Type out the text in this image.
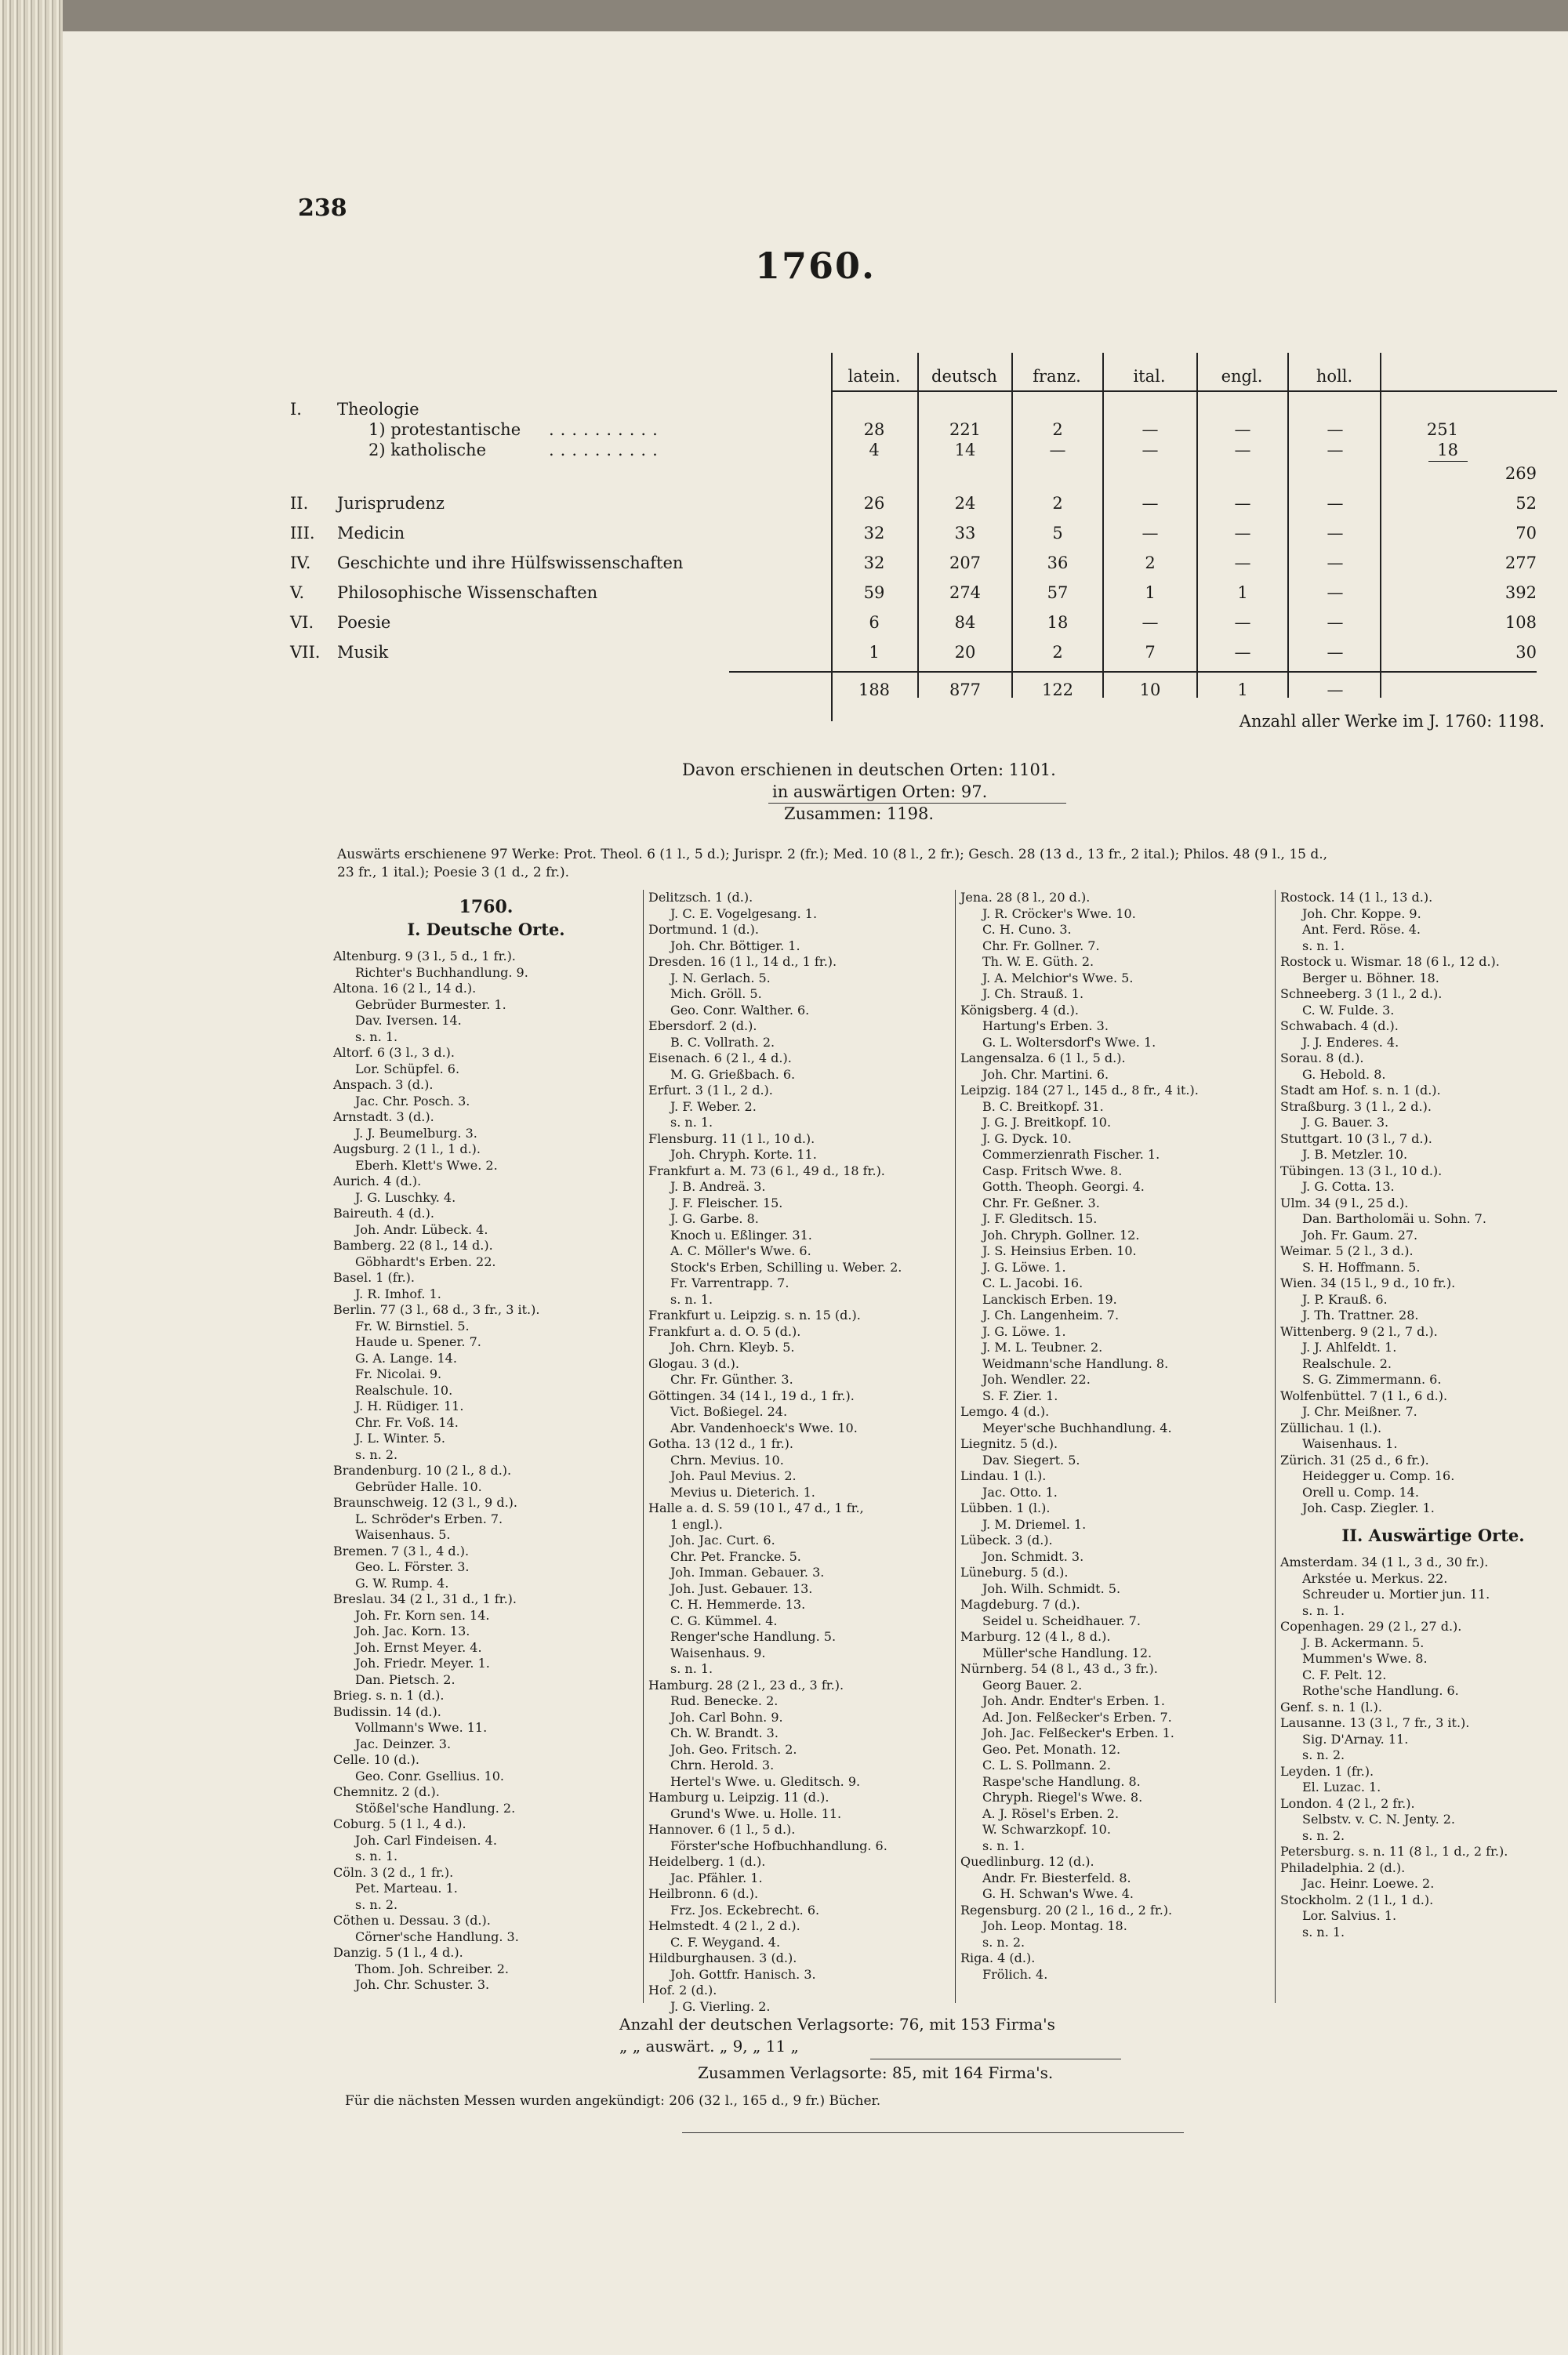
238
1760.
latein.	deutsch	franz.	ital.	engl.	holl.
I.	Theologie
1) protestantische ..........	28	221	2	—	—	—	251
2) katholische	..........	4	14	—	—	—	—	18
269
II.	Jurisprudenz	26	24	2	—	—	—	52
III.	Medicin	32	33	5	—	—	—	70
IV.	Geschichte und ihre Hülfswissenschaften	32	207	36	2	—	—	277
V.	Philosophische Wissenschaften	59	274	57	1	1	—	392
VI.	Poesie	6	84	18	—	—	—	108
VII.	Musik	1	20	2	7	—	—	30
188	877	122	10	1	—
Anzahl aller Werke im J. 1760: 1198.
Davon erschienen in deutschen Orten: 1101.
in auswärtigen Orten: 97.
Zusammen: 1198.
Auswärts erschienene 97 Werke: Prot. Theol. 6 (1 l., 5 d.); Jurispr. 2 (fr.); Med. 10 (8 l., 2 fr.); Gesch. 28 (13 d., 13 fr., 2 ital.); Philos. 48 (9 l., 15 d.,
23 fr., 1 ital.); Poesie 3 (1 d., 2 fr.).
1760.
I. Deutsche Orte.
Altenburg. 9 (3 l., 5 d., 1 fr.).
Richter's Buchhandlung. 9.
Altona. 16 (2 l., 14 d.).
Gebrüder Burmester. 1.
Dav. Iversen. 14.
s. n. 1.
Altorf. 6 (3 l., 3 d.).
Lor. Schüpfel. 6.
Anspach. 3 (d.).
Jac. Chr. Posch. 3.
Arnstadt. 3 (d.).
J. J. Beumelburg. 3.
Augsburg. 2 (1 l., 1 d.).
Eberh. Klett's Wwe. 2.
Aurich. 4 (d.).
J. G. Luschky. 4.
Baireuth. 4 (d.).
Joh. Andr. Lübeck. 4.
Bamberg. 22 (8 l., 14 d.).
Göbhardt's Erben. 22.
Basel. 1 (fr.).
J. R. Imhof. 1.
Berlin. 77 (3 l., 68 d., 3 fr., 3 it.).
Fr. W. Birnstiel. 5.
Haude u. Spener. 7.
G. A. Lange. 14.
Fr. Nicolai. 9.
Realschule. 10.
J. H. Rüdiger. 11.
Chr. Fr. Voß. 14.
J. L. Winter. 5.
s. n. 2.
Brandenburg. 10 (2 l., 8 d.).
Gebrüder Halle. 10.
Braunschweig. 12 (3 l., 9 d.).
L. Schröder's Erben. 7.
Waisenhaus. 5.
Bremen. 7 (3 l., 4 d.).
Geo. L. Förster. 3.
G. W. Rump. 4.
Breslau. 34 (2 l., 31 d., 1 fr.).
Joh. Fr. Korn sen. 14.
Joh. Jac. Korn. 13.
Joh. Ernst Meyer. 4.
Joh. Friedr. Meyer. 1.
Dan. Pietsch. 2.
Brieg. s. n. 1 (d.).
Budissin. 14 (d.).
Vollmann's Wwe. 11.
Jac. Deinzer. 3.
Celle. 10 (d.).
Geo. Conr. Gsellius. 10.
Chemnitz. 2 (d.).
Stößel'sche Handlung. 2.
Coburg. 5 (1 l., 4 d.).
Joh. Carl Findeisen. 4.
s. n. 1.
Cöln. 3 (2 d., 1 fr.).
Pet. Marteau. 1.
s. n. 2.
Cöthen u. Dessau. 3 (d.).
Cörner'sche Handlung. 3.
Danzig. 5 (1 l., 4 d.).
Thom. Joh. Schreiber. 2.
Joh. Chr. Schuster. 3.
Delitzsch. 1 (d.).
J. C. E. Vogelgesang. 1.
Dortmund. 1 (d.).
Joh. Chr. Böttiger. 1.
Dresden. 16 (1 l., 14 d., 1 fr.).
J. N. Gerlach. 5.
Mich. Gröll. 5.
Geo. Conr. Walther. 6.
Ebersdorf. 2 (d.).
B. C. Vollrath. 2.
Eisenach. 6 (2 l., 4 d.).
M. G. Grießbach. 6.
Erfurt. 3 (1 l., 2 d.).
J. F. Weber. 2.
s. n. 1.
Flensburg. 11 (1 l., 10 d.).
Joh. Chryph. Korte. 11.
Frankfurt a. M. 73 (6 l., 49 d., 18 fr.).
J. B. Andreä. 3.
J. F. Fleischer. 15.
J. G. Garbe. 8.
Knoch u. Eßlinger. 31.
A. C. Möller's Wwe. 6.
Stock's Erben, Schilling u. Weber. 2.
Fr. Varrentrapp. 7.
s. n. 1.
Frankfurt u. Leipzig. s. n. 15 (d.).
Frankfurt a. d. O. 5 (d.).
Joh. Chrn. Kleyb. 5.
Glogau. 3 (d.).
Chr. Fr. Günther. 3.
Göttingen. 34 (14 l., 19 d., 1 fr.).
Vict. Boßiegel. 24.
Abr. Vandenhoeck's Wwe. 10.
Gotha. 13 (12 d., 1 fr.).
Chrn. Mevius. 10.
Joh. Paul Mevius. 2.
Mevius u. Dieterich. 1.
Halle a. d. S. 59 (10 l., 47 d., 1 fr.,
1 engl.).
Joh. Jac. Curt. 6.
Chr. Pet. Francke. 5.
Joh. Imman. Gebauer. 3.
Joh. Just. Gebauer. 13.
C. H. Hemmerde. 13.
C. G. Kümmel. 4.
Renger'sche Handlung. 5.
Waisenhaus. 9.
s. n. 1.
Hamburg. 28 (2 l., 23 d., 3 fr.).
Rud. Benecke. 2.
Joh. Carl Bohn. 9.
Ch. W. Brandt. 3.
Joh. Geo. Fritsch. 2.
Chrn. Herold. 3.
Hertel's Wwe. u. Gleditsch. 9.
Hamburg u. Leipzig. 11 (d.).
Grund's Wwe. u. Holle. 11.
Hannover. 6 (1 l., 5 d.).
Förster'sche Hofbuchhandlung. 6.
Heidelberg. 1 (d.).
Jac. Pfähler. 1.
Heilbronn. 6 (d.).
Frz. Jos. Eckebrecht. 6.
Helmstedt. 4 (2 l., 2 d.).
C. F. Weygand. 4.
Hildburghausen. 3 (d.).
Joh. Gottfr. Hanisch. 3.
Hof. 2 (d.).
J. G. Vierling. 2.
Jena. 28 (8 l., 20 d.).
J. R. Cröcker's Wwe. 10.
C. H. Cuno. 3.
Chr. Fr. Gollner. 7.
Th. W. E. Güth. 2.
J. A. Melchior's Wwe. 5.
J. Ch. Strauß. 1.
Königsberg. 4 (d.).
Hartung's Erben. 3.
G. L. Woltersdorf's Wwe. 1.
Langensalza. 6 (1 l., 5 d.).
Joh. Chr. Martini. 6.
Leipzig. 184 (27 l., 145 d., 8 fr., 4 it.).
B. C. Breitkopf. 31.
J. G. J. Breitkopf. 10.
J. G. Dyck. 10.
Commerzienrath Fischer. 1.
Casp. Fritsch Wwe. 8.
Gotth. Theoph. Georgi. 4.
Chr. Fr. Geßner. 3.
J. F. Gleditsch. 15.
Joh. Chryph. Gollner. 12.
J. S. Heinsius Erben. 10.
J. G. Löwe. 1.
C. L. Jacobi. 16.
Lanckisch Erben. 19.
J. Ch. Langenheim. 7.
J. G. Löwe. 1.
J. M. L. Teubner. 2.
Weidmann'sche Handlung. 8.
Joh. Wendler. 22.
S. F. Zier. 1.
Lemgo. 4 (d.).
Meyer'sche Buchhandlung. 4.
Liegnitz. 5 (d.).
Dav. Siegert. 5.
Lindau. 1 (l.).
Jac. Otto. 1.
Lübben. 1 (l.).
J. M. Driemel. 1.
Lübeck. 3 (d.).
Jon. Schmidt. 3.
Lüneburg. 5 (d.).
Joh. Wilh. Schmidt. 5.
Magdeburg. 7 (d.).
Seidel u. Scheidhauer. 7.
Marburg. 12 (4 l., 8 d.).
Müller'sche Handlung. 12.
Nürnberg. 54 (8 l., 43 d., 3 fr.).
Georg Bauer. 2.
Joh. Andr. Endter's Erben. 1.
Ad. Jon. Felßecker's Erben. 7.
Joh. Jac. Felßecker's Erben. 1.
Geo. Pet. Monath. 12.
C. L. S. Pollmann. 2.
Raspe'sche Handlung. 8.
Chryph. Riegel's Wwe. 8.
A. J. Rösel's Erben. 2.
W. Schwarzkopf. 10.
s. n. 1.
Quedlinburg. 12 (d.).
Andr. Fr. Biesterfeld. 8.
G. H. Schwan's Wwe. 4.
Regensburg. 20 (2 l., 16 d., 2 fr.).
Joh. Leop. Montag. 18.
s. n. 2.
Riga. 4 (d.).
Frölich. 4.
Rostock. 14 (1 l., 13 d.).
Joh. Chr. Koppe. 9.
Ant. Ferd. Röse. 4.
s. n. 1.
Rostock u. Wismar. 18 (6 l., 12 d.).
Berger u. Böhner. 18.
Schneeberg. 3 (1 l., 2 d.).
C. W. Fulde. 3.
Schwabach. 4 (d.).
J. J. Enderes. 4.
Sorau. 8 (d.).
G. Hebold. 8.
Stadt am Hof. s. n. 1 (d.).
Straßburg. 3 (1 l., 2 d.).
J. G. Bauer. 3.
Stuttgart. 10 (3 l., 7 d.).
J. B. Metzler. 10.
Tübingen. 13 (3 l., 10 d.).
J. G. Cotta. 13.
Ulm. 34 (9 l., 25 d.).
Dan. Bartholomäi u. Sohn. 7.
Joh. Fr. Gaum. 27.
Weimar. 5 (2 l., 3 d.).
S. H. Hoffmann. 5.
Wien. 34 (15 l., 9 d., 10 fr.).
J. P. Krauß. 6.
J. Th. Trattner. 28.
Wittenberg. 9 (2 l., 7 d.).
J. J. Ahlfeldt. 1.
Realschule. 2.
S. G. Zimmermann. 6.
Wolfenbüttel. 7 (1 l., 6 d.).
J. Chr. Meißner. 7.
Züllichau. 1 (l.).
Waisenhaus. 1.
Zürich. 31 (25 d., 6 fr.).
Heidegger u. Comp. 16.
Orell u. Comp. 14.
Joh. Casp. Ziegler. 1.
II. Auswärtige Orte.
Amsterdam. 34 (1 l., 3 d., 30 fr.).
Arkstée u. Merkus. 22.
Schreuder u. Mortier jun. 11.
s. n. 1.
Copenhagen. 29 (2 l., 27 d.).
J. B. Ackermann. 5.
Mummen's Wwe. 8.
C. F. Pelt. 12.
Rothe'sche Handlung. 6.
Genf. s. n. 1 (l.).
Lausanne. 13 (3 l., 7 fr., 3 it.).
Sig. D'Arnay. 11.
s. n. 2.
Leyden. 1 (fr.).
El. Luzac. 1.
London. 4 (2 l., 2 fr.).
Selbstv. v. C. N. Jenty. 2.
s. n. 2.
Petersburg. s. n. 11 (8 l., 1 d., 2 fr.).
Philadelphia. 2 (d.).
Jac. Heinr. Loewe. 2.
Stockholm. 2 (1 l., 1 d.).
Lor. Salvius. 1.
s. n. 1.
Anzahl der deutschen Verlagsorte: 76, mit 153 Firma's
„ „ auswärt. „ 9, „ 11 „
Zusammen Verlagsorte: 85, mit 164 Firma's.
Für die nächsten Messen wurden angekündigt: 206 (32 l., 165 d., 9 fr.) Bücher.
